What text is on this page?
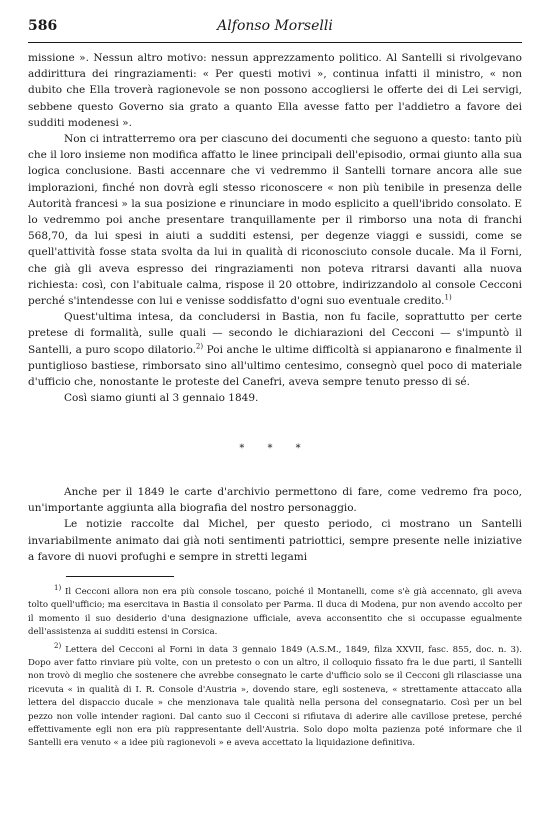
586	Alfonso Morselli

missione ». Nessun altro motivo: nessun apprezzamento politico. Al Santelli si rivolgevano addirittura dei ringraziamenti: « Per questi motivi », continua infatti il ministro, « non dubito che Ella troverà ragionevole se non possono accogliersi le offerte dei di Lei servigi, sebbene questo Governo sia grato a quanto Ella avesse fatto per l'addietro a favore dei sudditi modenesi ».

Non ci intratterremo ora per ciascuno dei documenti che seguono a questo: tanto più che il loro insieme non modifica affatto le linee principali dell'episodio, ormai giunto alla sua logica conclusione. Basti accennare che vi vedremmo il Santelli tornare ancora alle sue implorazioni, finché non dovrà egli stesso riconoscere « non più tenibile in presenza delle Autorità francesi » la sua posizione e rinunciare in modo esplicito a quell'ibrido consolato. E lo vedremmo poi anche presentare tranquillamente per il rimborso una nota di franchi 568,70, da lui spesi in aiuti a sudditi estensi, per degenze viaggi e sussidi, come se quell'attività fosse stata svolta da lui in qualità di riconosciuto console ducale. Ma il Forni, che già gli aveva espresso dei ringraziamenti non poteva ritrarsi davanti alla nuova richiesta: così, con l'abituale calma, rispose il 20 ottobre, indirizzandolo al console Cecconi perché s'intendesse con lui e venisse soddisfatto d'ogni suo eventuale credito.$^{1)}$

Quest'ultima intesa, da concludersi in Bastia, non fu facile, soprattutto per certe pretese di formalità, sulle quali — secondo le dichiarazioni del Cecconi — s'impuntò il Santelli, a puro scopo dilatorio.$^{2)}$ Poi anche le ultime difficoltà si appianarono e finalmente il puntiglioso bastiese, rimborsato sino all'ultimo centesimo, consegnò quel poco di materiale d'ufficio che, nonostante le proteste del Canefri, aveva sempre tenuto presso di sé.

Così siamo giunti al 3 gennaio 1849.

* * *

Anche per il 1849 le carte d'archivio permettono di fare, come vedremo fra poco, un'importante aggiunta alla biografia del nostro personaggio.

Le notizie raccolte dal Michel, per questo periodo, ci mostrano un Santelli invariabilmente animato dai già noti sentimenti patriottici, sempre presente nelle iniziative a favore di nuovi profughi e sempre in stretti legami

$^{1)}$ Il Cecconi allora non era più console toscano, poiché il Montanelli, come s'è già accennato, gli aveva tolto quell'ufficio; ma esercitava in Bastia il consolato per Parma. Il duca di Modena, pur non avendo accolto per il momento il suo desiderio d'una designazione ufficiale, aveva acconsentito che si occupasse egualmente dell'assistenza ai sudditi estensi in Corsica.

$^{2)}$ Lettera del Cecconi al Forni in data 3 gennaio 1849 (A.S.M., 1849, filza XXVII, fasc. 855, doc. n. 3). Dopo aver fatto rinviare più volte, con un pretesto o con un altro, il colloquio fissato fra le due parti, il Santelli non trovò di meglio che sostenere che avrebbe consegnato le carte d'ufficio solo se il Cecconi gli rilasciasse una ricevuta « in qualità di I. R. Console d'Austria », dovendo stare, egli sosteneva, « strettamente attaccato alla lettera del dispaccio ducale » che menzionava tale qualità nella persona del consegnatario. Così per un bel pezzo non volle intender ragioni. Dal canto suo il Cecconi si rifiutava di aderire alle cavillose pretese, perché effettivamente egli non era più rappresentante dell'Austria. Solo dopo molta pazienza poté informare che il Santelli era venuto « a idee più ragionevoli » e aveva accettato la liquidazione definitiva.
